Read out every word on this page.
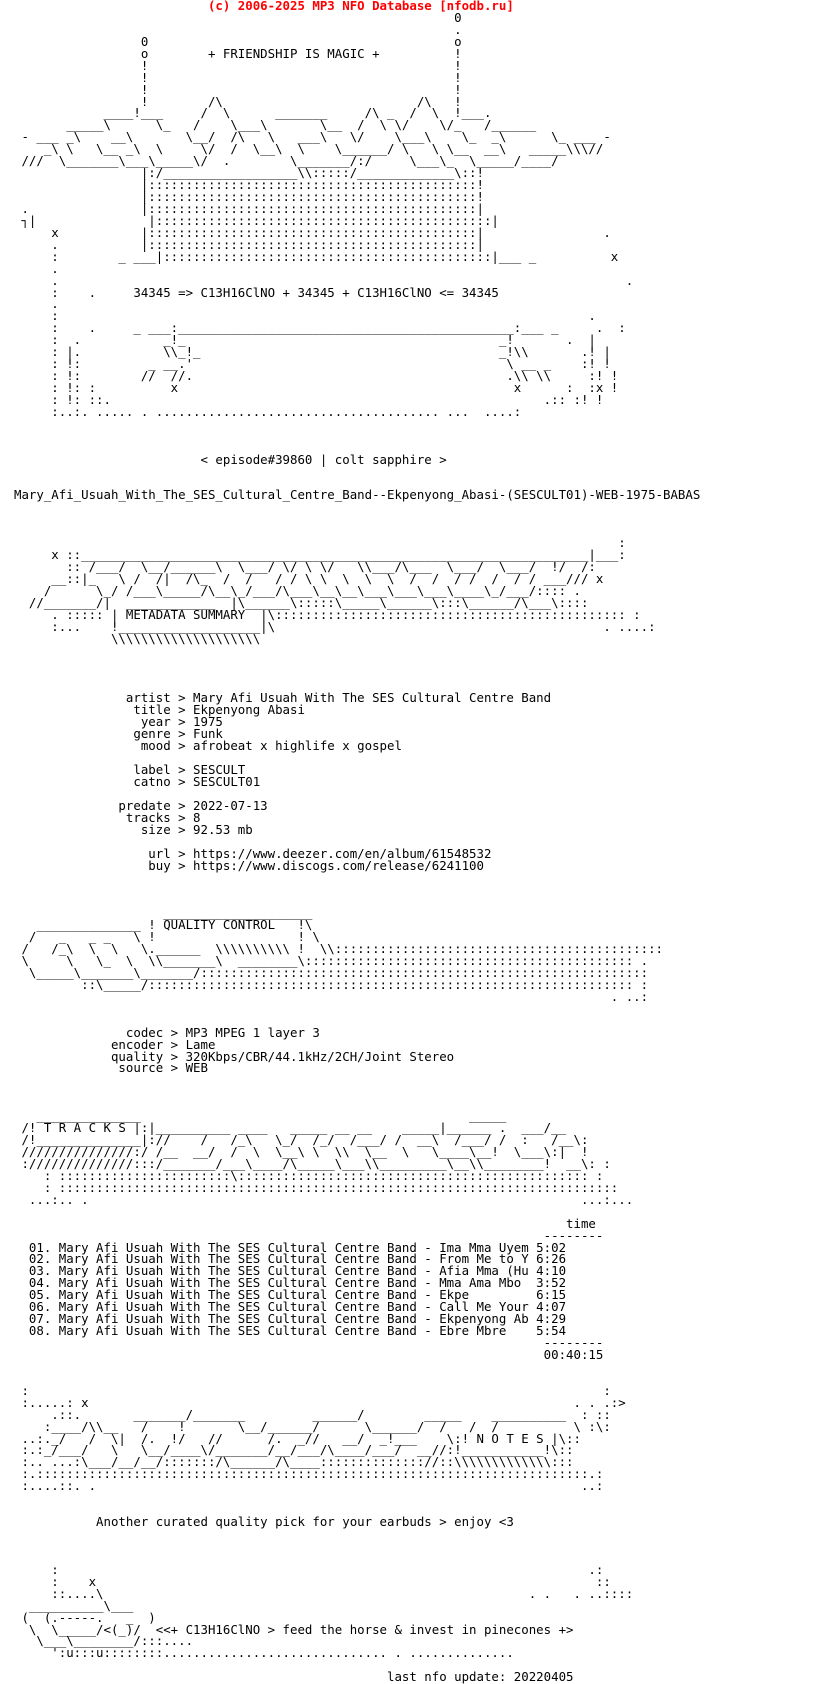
(c) 2006-2025 MP3 NFO Database [nfodb.ru]
0
.
0                                         o
o        + FRIENDSHIP IS MAGIC +          !
!                                         !
!                                         !
!                                         !
!        /\                          /\   !
____!___     /  \      _______     /\ _  /  \  !___.
_____\      \_   /    \___\       \__  /  \ \/    \/_   /______
- ___ _\    __\       \__/  /\   \   ___\   \/    \___\    \_  _\      \_ ___ -
_\ \   \__ _\  \     \/  /  \__\  \    \______/ \   \ \__  __\   _____\\\//
///  \_______\___\_____\/  .        \_______/:/     \___\_  \_____/____/
|:/__________________\\:::::/_____________\::!
|::::::::::::::::::::::::::::::::::::::::::::!
|::::::::::::::::::::::::::::::::::::::::::::!
.               |::::::::::::::::::::::::::::::::::::::::::::|
┐|               |:::::::::::::::::::::::::::::::::::::::::::::|
x           |::::::::::::::::::::::::::::::::::::::::::::|                .
.           |::::::::::::::::::::::::::::::::::::::::::::|
:        _ ___|::::::::::::::::::::::::::::::::::::::::::::|___ _          x
.
.                                                                            .
:    .     34345 => C13H16ClNO + 34345 + C13H16ClNO <= 34345
.
:                                                                       .
:    .     _ ___:_____________________________________________:___ _     .  :
:  .           _!_                                          _!       .  |
: |.           \\_!_                                        _!\\       .! |
: !:         _ __.'                                          \ __ _    :! !
: !:        //  //.                                          .\\ \\     :! !
: !: :          x                                             x      :  :x !
: !: ::.                                                          .:: :! !
:..:. ..... . ...................................... ...  ....:

< episode#39860 | colt sapphire >

Mary_Afi_Usuah_With_The_SES_Cultural_Centre_Band--Ekpenyong_Abasi-(SESCULT01)-WEB-1975-BABAS

:
x ::____________________________________________________________________|___:
:: /___/  \__/______\  \___/ \/ \ \/   \\___/\___  \___/  \___/  !/  /:
__::|_   \ /  /|  /\_  /  /   / / \ \  \  \  \  /  /  / /  /  / / ___/// x
/      \_/ /___\_____/\__\_/___/\___\__\__\___\___\___\____\_/___/:::: .
//_______/|  ____________  |\______\:::::\_____\______\:::\______/\___\::::
. ::::: | METADATA SUMMARY  |\::::::::::::::::::::::::::::::::::::::::::::::: :
:...    !___________________|\                                            . ....:
\\\\\\\\\\\\\\\\\\\\

artist > Mary Afi Usuah With The SES Cultural Centre Band
title > Ekpenyong Abasi
year > 1975
genre > Funk
mood > afrobeat x highlife x gospel

label > SESCULT
catno > SESCULT01

predate > 2022-07-13
tracks > 8
size > 92.53 mb

url > https://www.deezer.com/en/album/61548532
buy > https://www.discogs.com/release/6241100

____________________
______________ ! QUALITY CONTROL   !\
/   _   _ _   \ !                   ! \
/   /_\  \  \   \.______  \\\\\\\\\\ !  \\::::::::::::::::::::::::::::::::::::::::::::
\     \   \_  \  \\_______\  ________\:::::::::::::::::::::::::::::::::::::::::::: .
\_____\_______\_______/::::::::::::::::::::::::::::::::::::::::::::::::::::::::::::
::\_____/::::::::::::::::::::::::::::::::::::::::::::::::::::::::::::::::: :
. ..:

codec > MP3 MPEG 1 layer 3
encoder > Lame
quality > 320Kbps/CBR/44.1kHz/2CH/Joint Stereo
source > WEB

______________                                            _____
/! T R A C K S |:|__________ ____   _____ __ __    _____|______ .  ___/__
/!______________|://    /   /_\   \_/  /_/  /___/ /  __\  /___/ /  :   /__\:
///////////////:/ /__  __/  /  \  \__\ \  \\  \__  \   \____\__!  \___\:|  !
://////////////:::/_______/___\____/\_____\___\\_________\__\\________!  __\: :
: :::::::::::::::::::::::\::::::::::::::::::::::::::::::::::::::::::::::: :
: :::::::::::::::::::::::::::::::::::::::::::::::::::::::::::::::::::::::::::
...:.. .                                                                  ...:...

time
--------
01. Mary Afi Usuah With The SES Cultural Centre Band - Ima Mma Uyem 5:02
02. Mary Afi Usuah With The SES Cultural Centre Band - From Me to Y 6:26
03. Mary Afi Usuah With The SES Cultural Centre Band - Afia Mma (Hu 4:10
04. Mary Afi Usuah With The SES Cultural Centre Band - Mma Ama Mbo  3:52
05. Mary Afi Usuah With The SES Cultural Centre Band - Ekpe         6:15
06. Mary Afi Usuah With The SES Cultural Centre Band - Call Me Your 4:07
07. Mary Afi Usuah With The SES Cultural Centre Band - Ekpenyong Ab 4:29
08. Mary Afi Usuah With The SES Cultural Centre Band - Ebre Mbre    5:54
--------
00:40:15

:                                                                             :
:.....: x                                                                 . . .:>
.::.       _______/_______         ______/        _____    __________  : ::
:____/\\__   /    !       \__/______/      \______/  /   /  /          \ :\:
..:._/   /  \|  /.  !/   //      /.  _//   __/  _!___    \:! N O T E S |\::
:.:_/___/   \   \__/____\/_______/__/___/\____/___/  __//:!___________!\::
:.. ...:\___/__/__/:::::::/\______/\____:::::::::::::://::\\\\\\\\\\\\\:::
:.::::::::::::::::::::::::::::::::::::::::::::::::::::::::::::::::::::::::::.:
:....::. .                                                                 ..:

Another curated quality pick for your earbuds > enjoy <3

:                                                                       .:
:    x                                                                   ::
::....\                                                         . .   . ..::::
__________\___
(  (.-----.   _  )
\  \_____/<(_)/  <<+ C13H16ClNO > feed the horse & invest in pinecones +>
\___\________/:::....
':u:::u::::::::.............................. . ..............

last nfo update: 20220405
